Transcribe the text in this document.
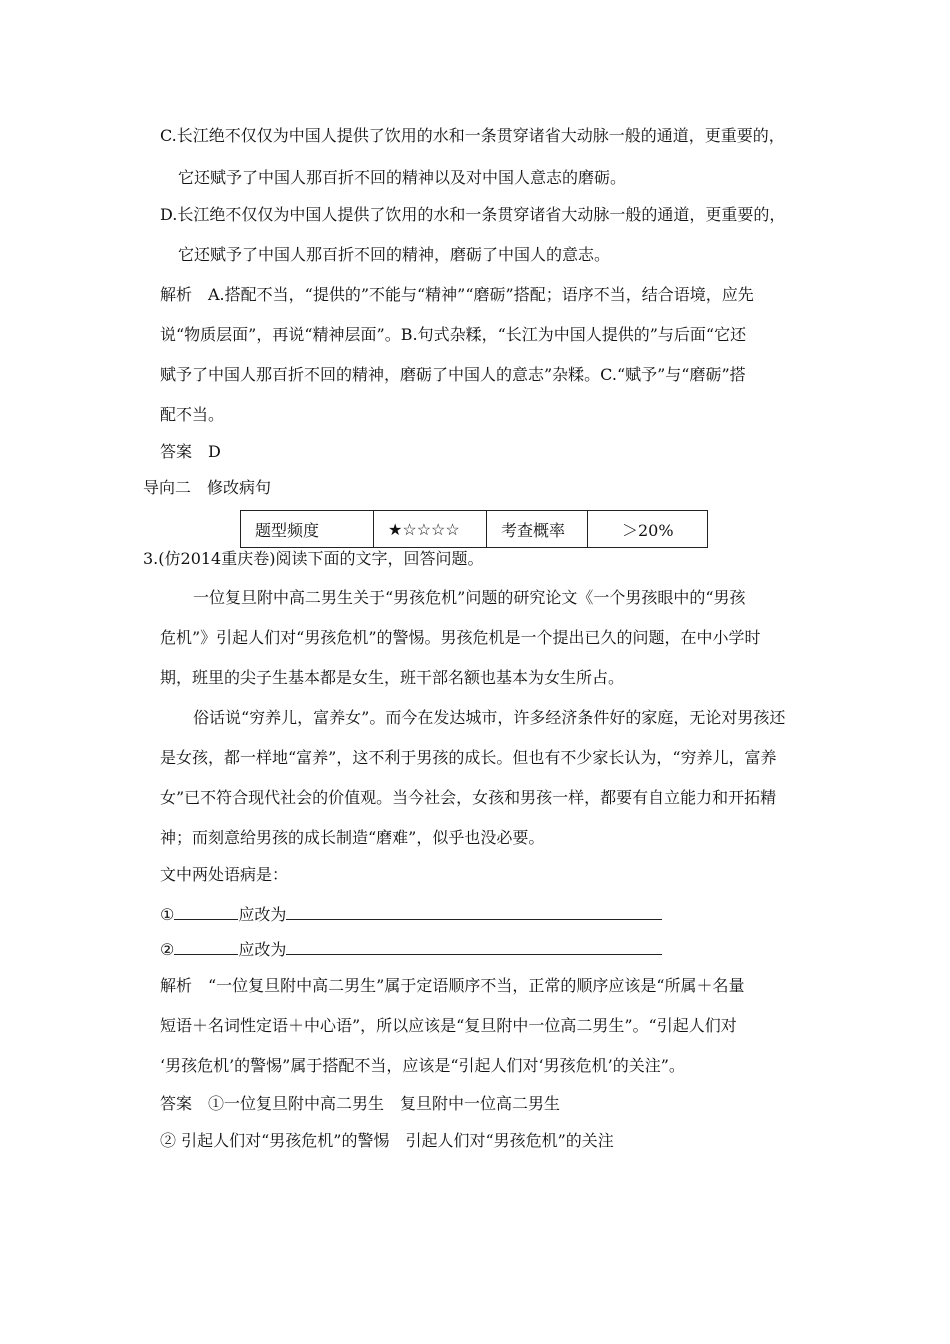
C.长江绝不仅仅为中国人提供了饮用的水和一条贯穿诸省大动脉一般的通道，更重要的，
它还赋予了中国人那百折不回的精神以及对中国人意志的磨砺。
D.长江绝不仅仅为中国人提供了饮用的水和一条贯穿诸省大动脉一般的通道，更重要的，
它还赋予了中国人那百折不回的精神，磨砺了中国人的意志。
解析　A.搭配不当，“提供的”不能与“精神”“磨砺”搭配；语序不当，结合语境，应先
说“物质层面”，再说“精神层面”。B.句式杂糅，“长江为中国人提供的”与后面“它还
赋予了中国人那百折不回的精神，磨砺了中国人的意志”杂糅。C.“赋予”与“磨砺”搭
配不当。
答案　D
导向二　修改病句
题型频度	★☆☆☆☆	考查概率	＞20%
3.(仿2014重庆卷)阅读下面的文字，回答问题。
一位复旦附中高二男生关于“男孩危机”问题的研究论文《一个男孩眼中的“男孩
危机”》引起人们对“男孩危机”的警惕。男孩危机是一个提出已久的问题，在中小学时
期，班里的尖子生基本都是女生，班干部名额也基本为女生所占。
俗话说“穷养儿，富养女”。而今在发达城市，许多经济条件好的家庭，无论对男孩还
是女孩，都一样地“富养”，这不利于男孩的成长。但也有不少家长认为，“穷养儿，富养
女”已不符合现代社会的价值观。当今社会，女孩和男孩一样，都要有自立能力和开拓精
神；而刻意给男孩的成长制造“磨难”，似乎也没必要。
文中两处语病是：
①	应改为
②	应改为
解析　“一位复旦附中高二男生”属于定语顺序不当，正常的顺序应该是“所属＋名量
短语＋名词性定语＋中心语”，所以应该是“复旦附中一位高二男生”。“引起人们对
‘男孩危机’的警惕”属于搭配不当，应该是“引起人们对‘男孩危机’的关注”。
答案　①一位复旦附中高二男生　复旦附中一位高二男生
② 引起人们对“男孩危机”的警惕　引起人们对“男孩危机”的关注
